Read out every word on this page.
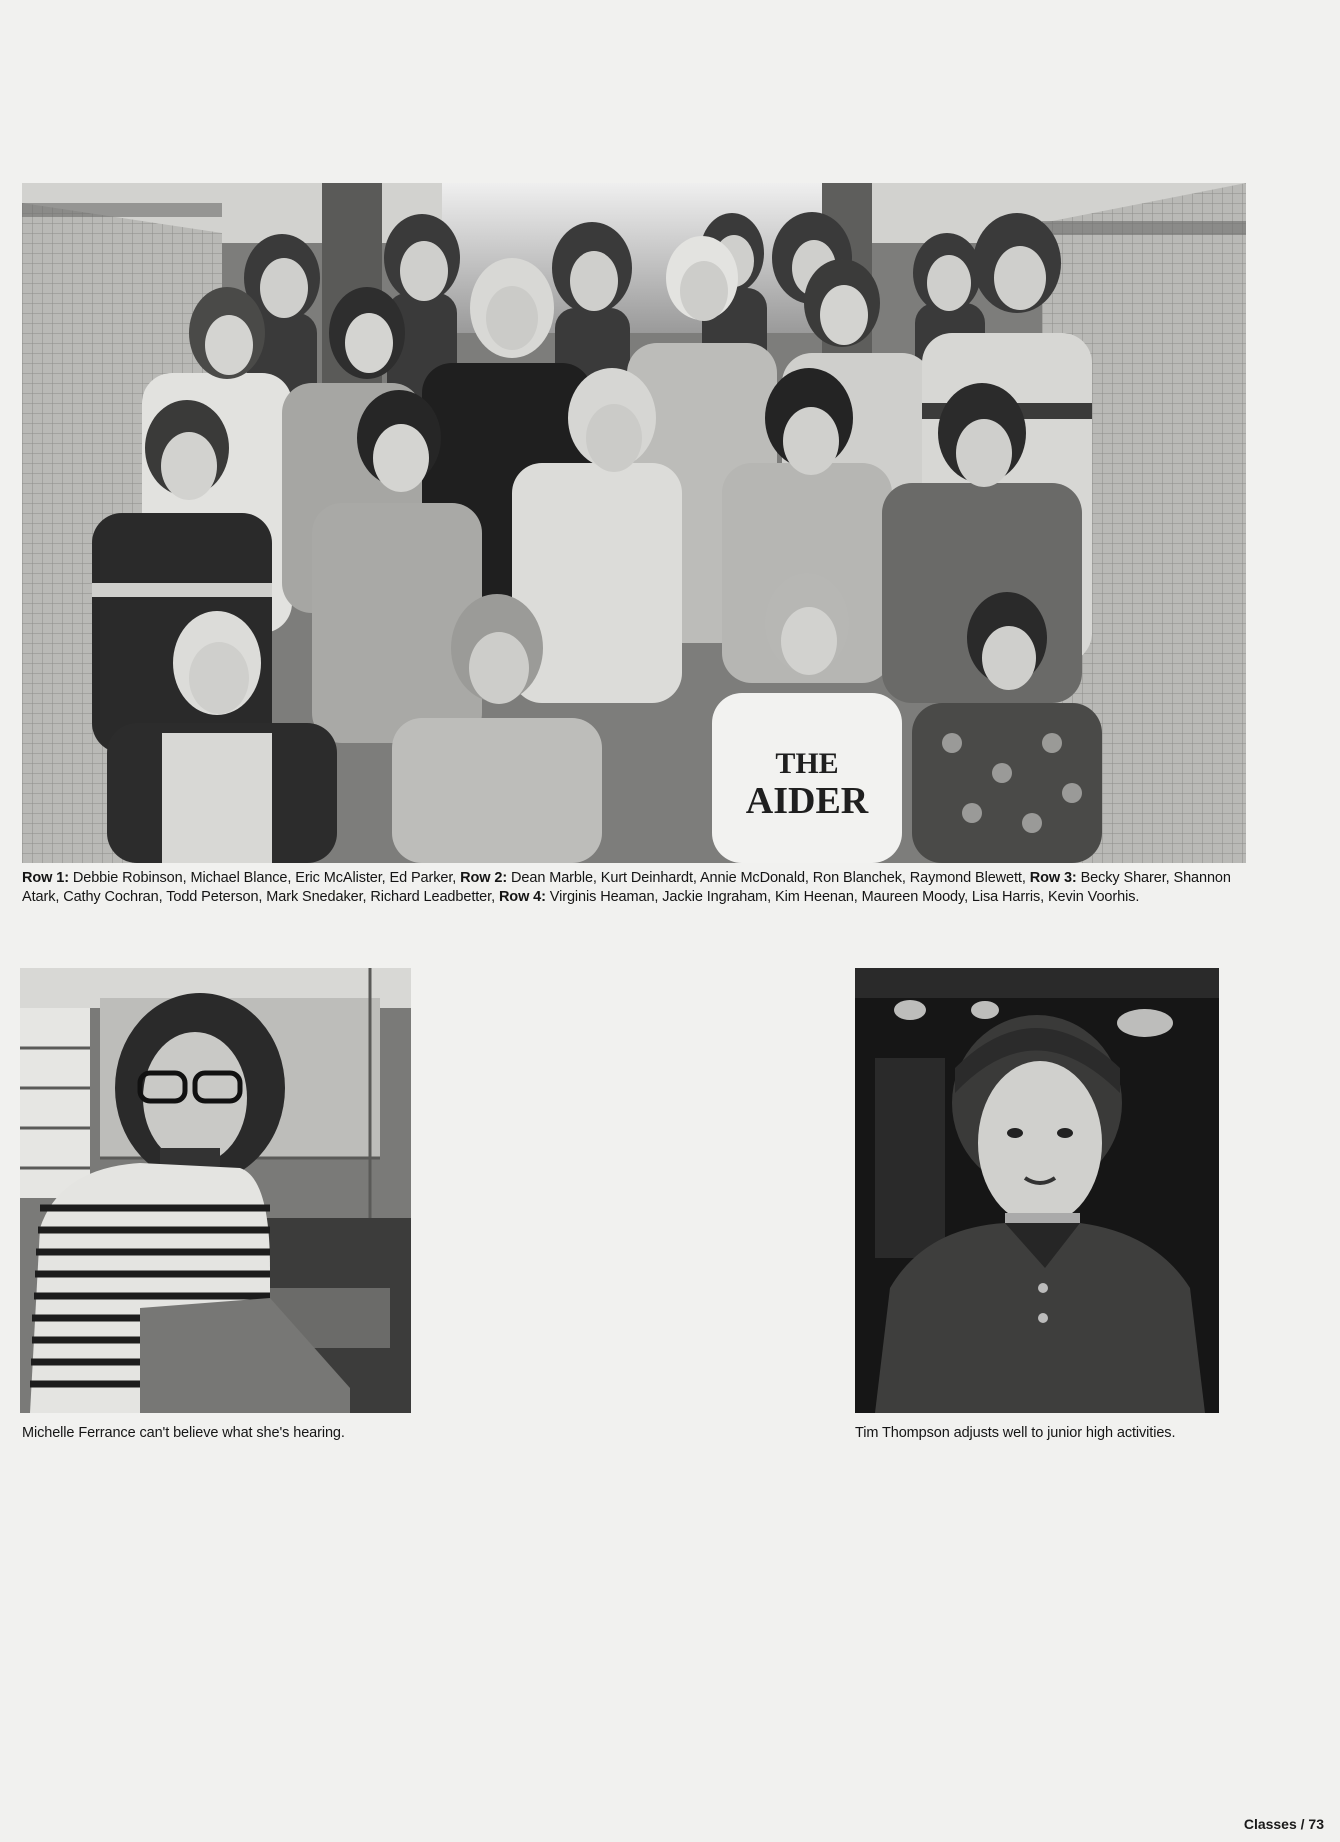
THE
AIDER
Row 1: Debbie Robinson, Michael Blance, Eric McAlister, Ed Parker, Row 2: Dean Marble, Kurt Deinhardt, Annie McDonald, Ron Blanchek, Raymond Blewett, Row 3: Becky Sharer, Shannon Atark, Cathy Cochran, Todd Peterson, Mark Snedaker, Richard Leadbetter, Row 4: Virginis Heaman, Jackie Ingraham, Kim Heenan, Maureen Moody, Lisa Harris, Kevin Voorhis.
Michelle Ferrance can't believe what she's hearing.	Tim Thompson adjusts well to junior high activities.
Classes / 73
